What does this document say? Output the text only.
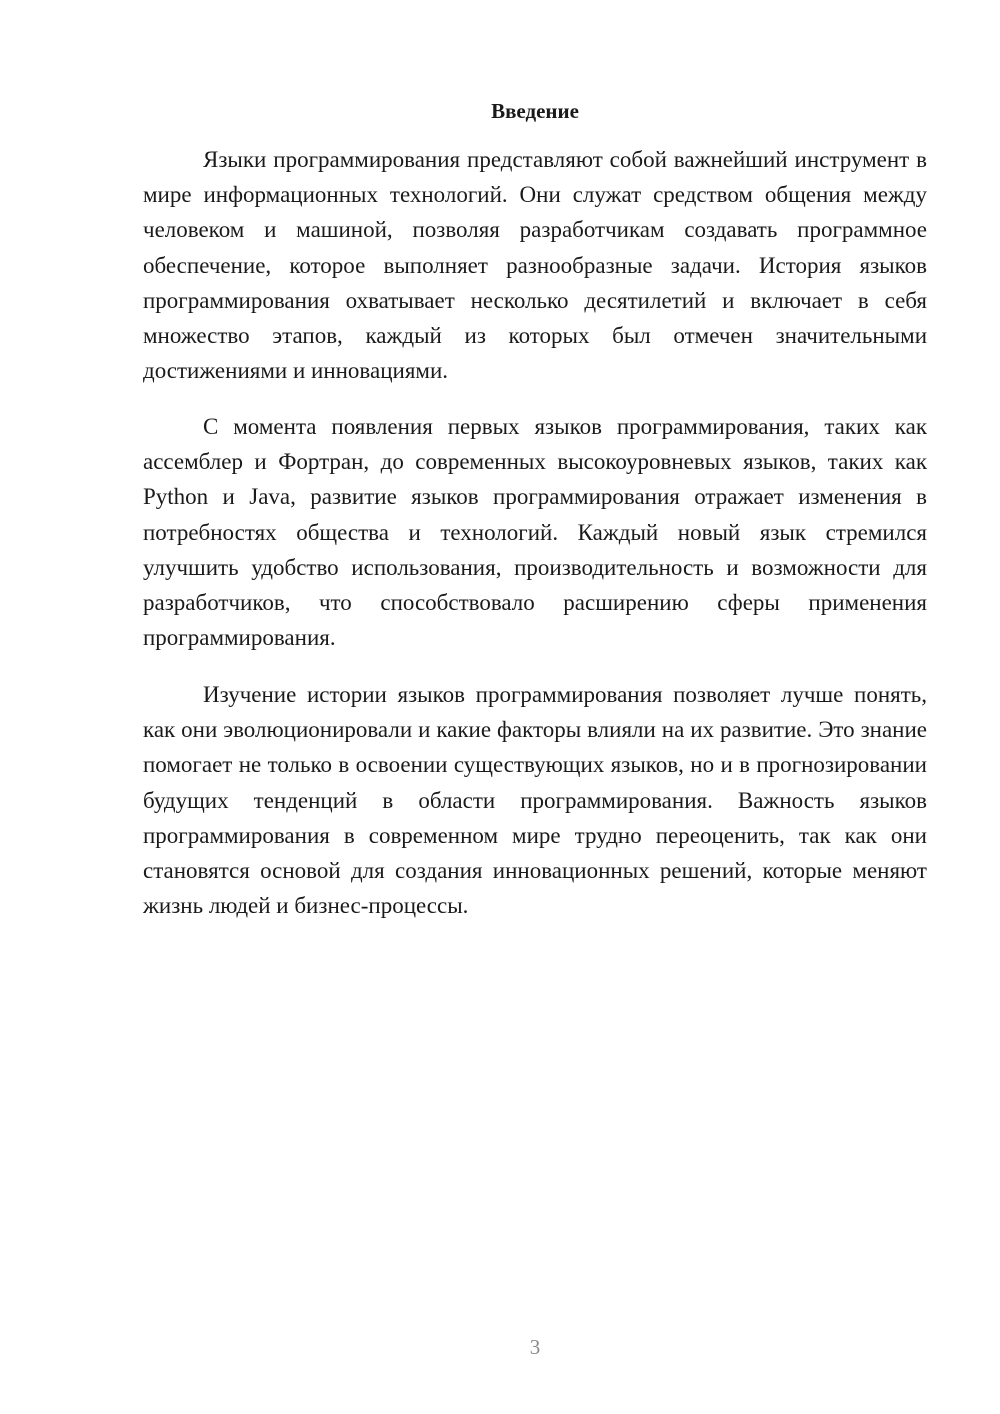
Введение

Языки программирования представляют собой важнейший инструмент в мире информационных технологий. Они служат средством общения между человеком и машиной, позволяя разработчикам создавать программное обеспечение, которое выполняет разнообразные задачи. История языков программирования охватывает несколько десятилетий и включает в себя множество этапов, каждый из которых был отмечен значительными достижениями и инновациями.

С момента появления первых языков программирования, таких как ассемблер и Фортран, до современных высокоуровневых языков, таких как Python и Java, развитие языков программирования отражает изменения в потребностях общества и технологий. Каждый новый язык стремился улучшить удобство использования, производительность и возможности для разработчиков, что способствовало расширению сферы применения программирования.

Изучение истории языков программирования позволяет лучше понять, как они эволюционировали и какие факторы влияли на их развитие. Это знание помогает не только в освоении существующих языков, но и в прогнозировании будущих тенденций в области программирования. Важность языков программирования в современном мире трудно переоценить, так как они становятся основой для создания инновационных решений, которые меняют жизнь людей и бизнес-процессы.

3
